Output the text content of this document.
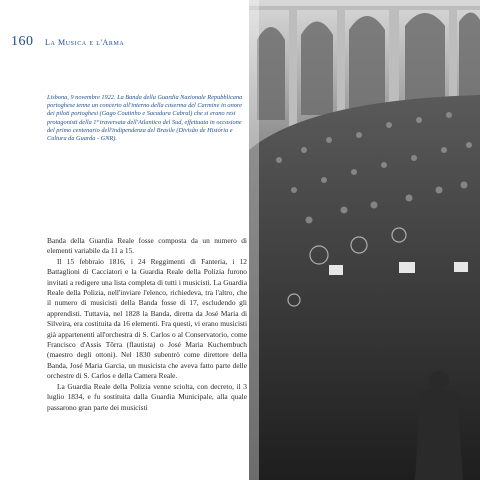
160 La Musica e l'Arma
Lisbona, 9 novembre 1922. La Banda della Guardia Nazionale Repubblicana portoghese tenne un concerto all'interno della caserma del Carmine in onore dei piloti portoghesi (Gago Coutinho e Sacadura Cabral) che si erano resi protagonisti della 1ª traversata dell'Atlantico del Sud, effettuata in occasione del primo centenario dell'indipendenza del Brasile (Divisão de História e Cultura da Guarda - GNR).

Banda della Guardia Reale fosse composta da un numero di elementi variabile da 11 a 15.

Il 15 febbraio 1816, i 24 Reggimenti di Fanteria, i 12 Battaglioni di Cacciatori e la Guardia Reale della Polizia furono invitati a redigere una lista completa di tutti i musicisti. La Guardia Reale della Polizia, nell'inviare l'elenco, richiedeva, tra l'altro, che il numero di musicisti della Banda fosse di 17, escludendo gli apprendisti. Tuttavia, nel 1828 la Banda, diretta da José Maria di Silveira, era costituita da 16 elementi. Fra questi, vi erano musicisti già appartenenti all'orchestra di S. Carlos o al Conservatorio, come Francisco d'Assis Tôrra (flautista) o José Maria Kuchembuch (maestro degli ottoni). Nel 1830 subentrò come direttore della Banda, José Maria Garcia, un musicista che aveva fatto parte delle orchestre di S. Carlos e della Camera Reale.

La Guardia Reale della Polizia venne sciolta, con decreto, il 3 luglio 1834, e fu sostituita dalla Guardia Municipale, alla quale passarono gran parte dei musicisti
